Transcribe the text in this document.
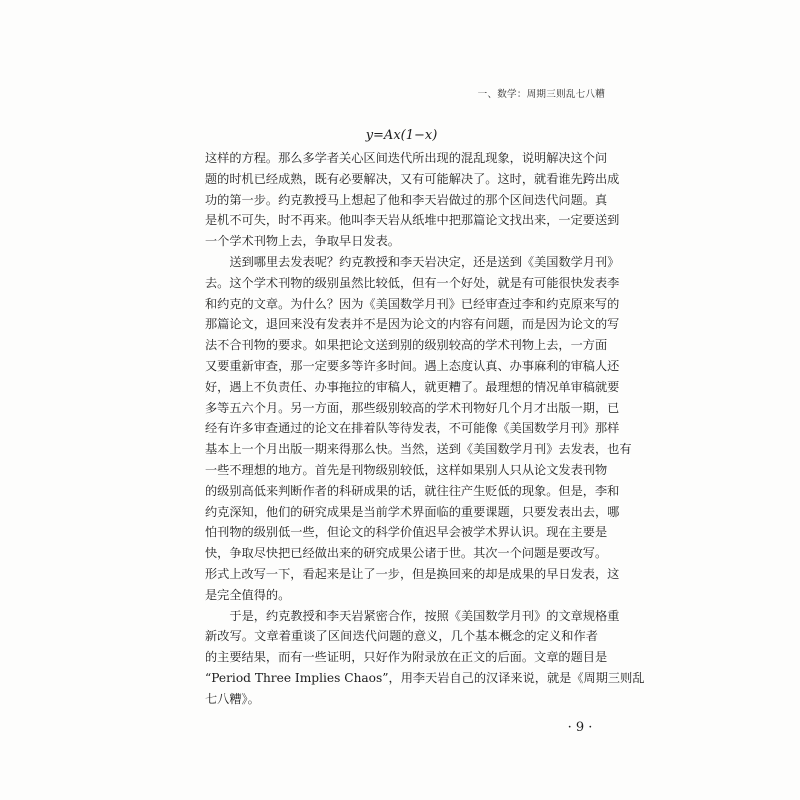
一、数学：周期三则乱七八糟
y=Ax(1−x)
这样的方程。那么多学者关心区间迭代所出现的混乱现象，说明解决这个问
题的时机已经成熟，既有必要解决，又有可能解决了。这时，就看谁先跨出成
功的第一步。约克教授马上想起了他和李天岩做过的那个区间迭代问题。真
是机不可失，时不再来。他叫李天岩从纸堆中把那篇论文找出来，一定要送到
一个学术刊物上去，争取早日发表。
送到哪里去发表呢？约克教授和李天岩决定，还是送到《美国数学月刊》
去。这个学术刊物的级别虽然比较低，但有一个好处，就是有可能很快发表李
和约克的文章。为什么？因为《美国数学月刊》已经审查过李和约克原来写的
那篇论文，退回来没有发表并不是因为论文的内容有问题，而是因为论文的写
法不合刊物的要求。如果把论文送到别的级别较高的学术刊物上去，一方面
又要重新审查，那一定要多等许多时间。遇上态度认真、办事麻利的审稿人还
好，遇上不负责任、办事拖拉的审稿人，就更糟了。最理想的情况单审稿就要
多等五六个月。另一方面，那些级别较高的学术刊物好几个月才出版一期，已
经有许多审查通过的论文在排着队等待发表，不可能像《美国数学月刊》那样
基本上一个月出版一期来得那么快。当然，送到《美国数学月刊》去发表，也有
一些不理想的地方。首先是刊物级别较低，这样如果别人只从论文发表刊物
的级别高低来判断作者的科研成果的话，就往往产生贬低的现象。但是，李和
约克深知，他们的研究成果是当前学术界面临的重要课题，只要发表出去，哪
怕刊物的级别低一些，但论文的科学价值迟早会被学术界认识。现在主要是
快，争取尽快把已经做出来的研究成果公诸于世。其次一个问题是要改写。
形式上改写一下，看起来是让了一步，但是换回来的却是成果的早日发表，这
是完全值得的。
于是，约克教授和李天岩紧密合作，按照《美国数学月刊》的文章规格重
新改写。文章着重谈了区间迭代问题的意义，几个基本概念的定义和作者
的主要结果，而有一些证明，只好作为附录放在正文的后面。文章的题目是
“Period Three Implies Chaos”，用李天岩自己的汉译来说，就是《周期三则乱
七八糟》。
· 9 ·
